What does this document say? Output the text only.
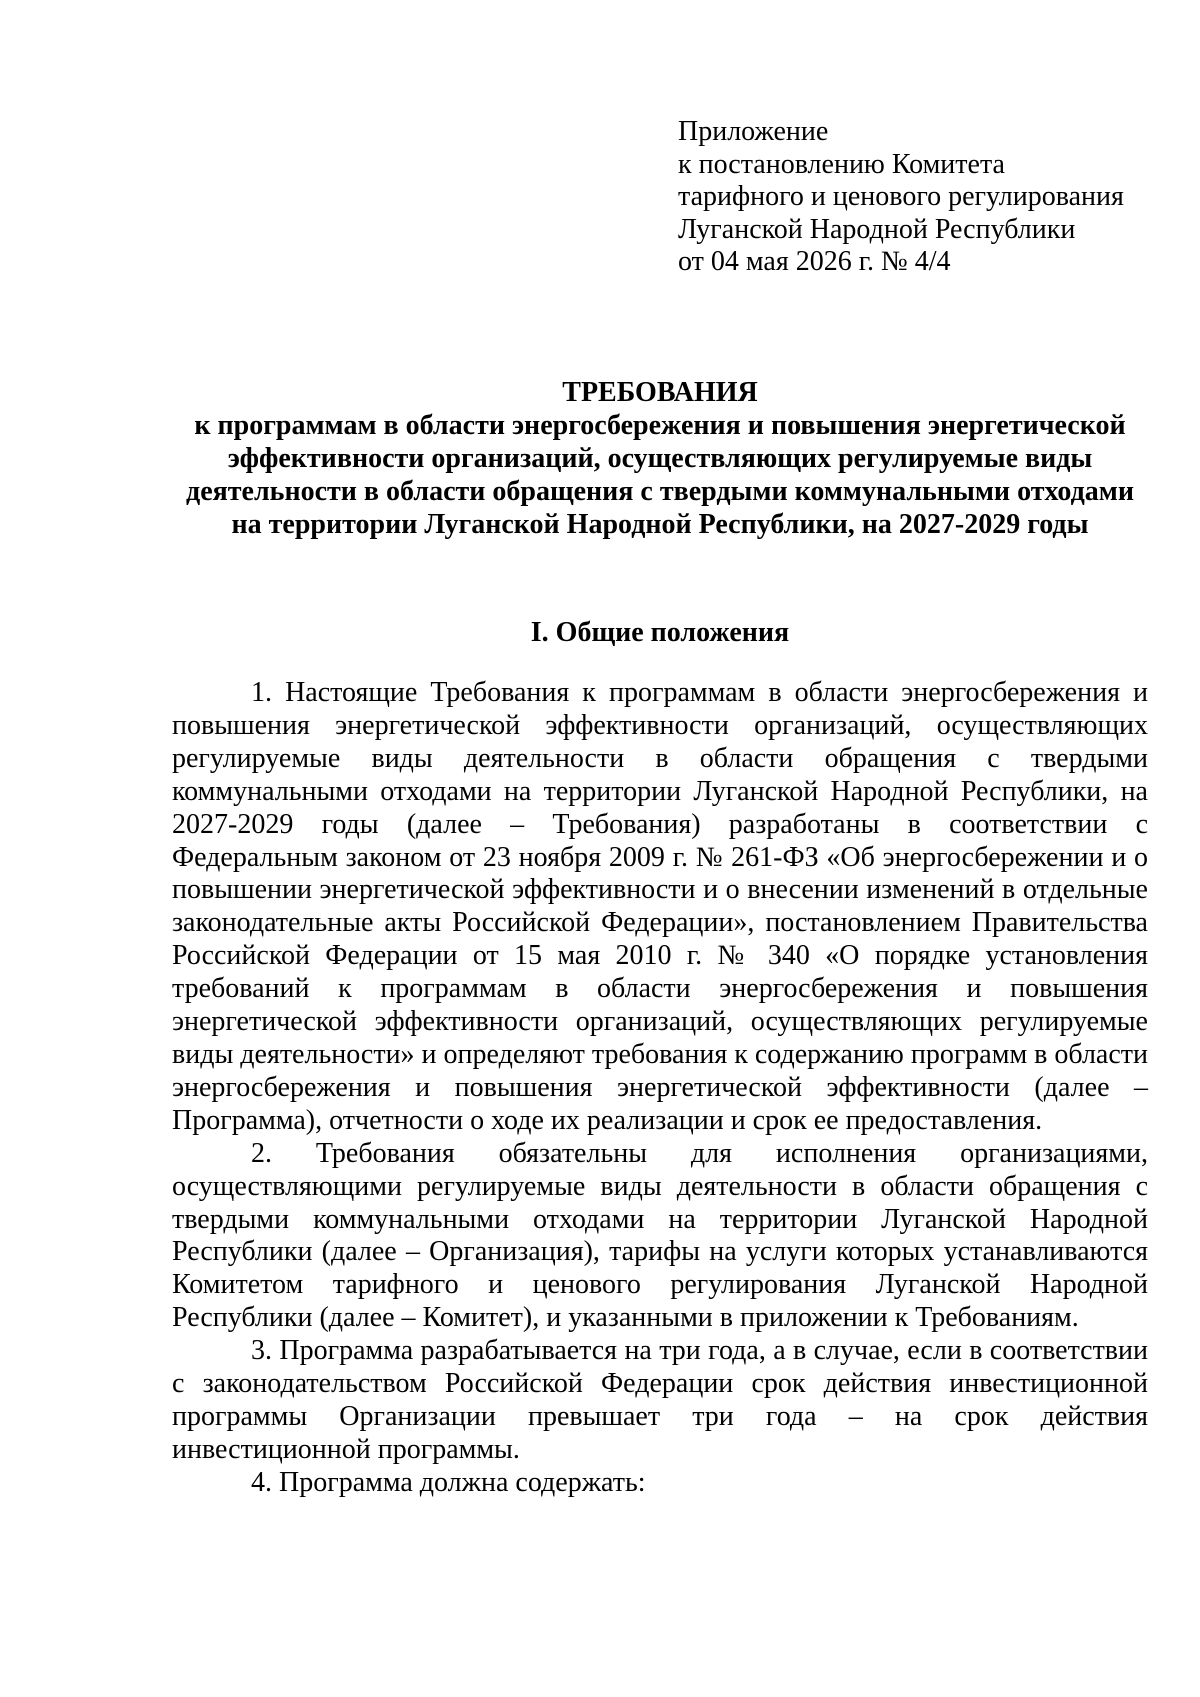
Приложение
к постановлению Комитета
тарифного и ценового регулирования
Луганской Народной Республики
от 04 мая 2026 г. № 4/4
ТРЕБОВАНИЯ
к программам в области энергосбережения и повышения энергетической
эффективности организаций, осуществляющих регулируемые виды
деятельности в области обращения с твердыми коммунальными отходами
на территории Луганской Народной Республики, на 2027-2029 годы
I. Общие положения

1. Настоящие Требования к программам в области энергосбережения и повышения энергетической эффективности организаций, осуществляющих регулируемые виды деятельности в области обращения с твердыми коммунальными отходами на территории Луганской Народной Республики, на 2027-2029 годы (далее – Требования) разработаны в соответствии с Федеральным законом от 23 ноября 2009 г. № 261-ФЗ «Об энергосбережении и о повышении энергетической эффективности и о внесении изменений в отдельные законодательные акты Российской Федерации», постановлением Правительства Российской Федерации от 15 мая 2010 г. № 340 «О порядке установления требований к программам в области энергосбережения и повышения энергетической эффективности организаций, осуществляющих регулируемые виды деятельности» и определяют требования к содержанию программ в области энергосбережения и повышения энергетической эффективности (далее – Программа), отчетности о ходе их реализации и срок ее предоставления.

2. Требования обязательны для исполнения организациями, осуществляющими регулируемые виды деятельности в области обращения с твердыми коммунальными отходами на территории Луганской Народной Республики (далее – Организация), тарифы на услуги которых устанавливаются Комитетом тарифного и ценового регулирования Луганской Народной Республики (далее – Комитет), и указанными в приложении к Требованиям.

3. Программа разрабатывается на три года, а в случае, если в соответствии с законодательством Российской Федерации срок действия инвестиционной программы Организации превышает три года – на срок действия инвестиционной программы.

4. Программа должна содержать:
